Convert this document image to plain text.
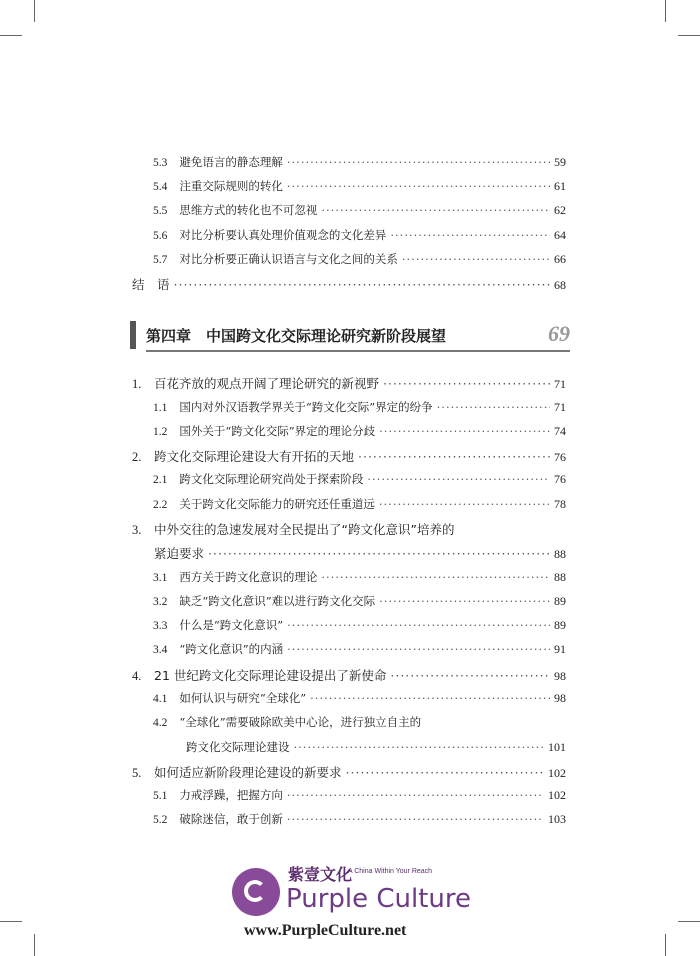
5.3 避免语言的静态理解 ·····	59
5.4 注重交际规则的转化 ·····	61
5.5 思维方式的转化也不可忽视 ·····	62
5.6 对比分析要认真处理价值观念的文化差异 ·····	64
5.7 对比分析要正确认识语言与文化之间的关系 ·····	66
结　语 ·····	68
第四章　中国跨文化交际理论研究新阶段展望	69
1.	百花齐放的观点开阔了理论研究的新视野 ·····	71
1.1 国内对外汉语教学界关于“跨文化交际”界定的纷争 ·····	71
1.2 国外关于“跨文化交际”界定的理论分歧 ·····	74
2.	跨文化交际理论建设大有开拓的天地 ·····	76
2.1 跨文化交际理论研究尚处于探索阶段 ·····	76
2.2 关于跨文化交际能力的研究还任重道远 ·····	78
3.	中外交往的急速发展对全民提出了“跨文化意识”培养的
紧迫要求 ·····	88
3.1 西方关于跨文化意识的理论 ·····	88
3.2 缺乏“跨文化意识”难以进行跨文化交际 ·····	89
3.3 什么是“跨文化意识” ·····	89
3.4 “跨文化意识”的内涵 ·····	91
4.	21 世纪跨文化交际理论建设提出了新使命 ·····	98
4.1 如何认识与研究“全球化” ·····	98
4.2 “全球化”需要破除欧美中心论，进行独立自主的
跨文化交际理论建设 ·····	101
5.	如何适应新阶段理论建设的新要求 ·····	102
5.1 力戒浮躁，把握方向 ·····	102
5.2 破除迷信，敢于创新 ·····	103
紫壹文化
A China Within Your Reach
Purple Culture
www.PurpleCulture.net
